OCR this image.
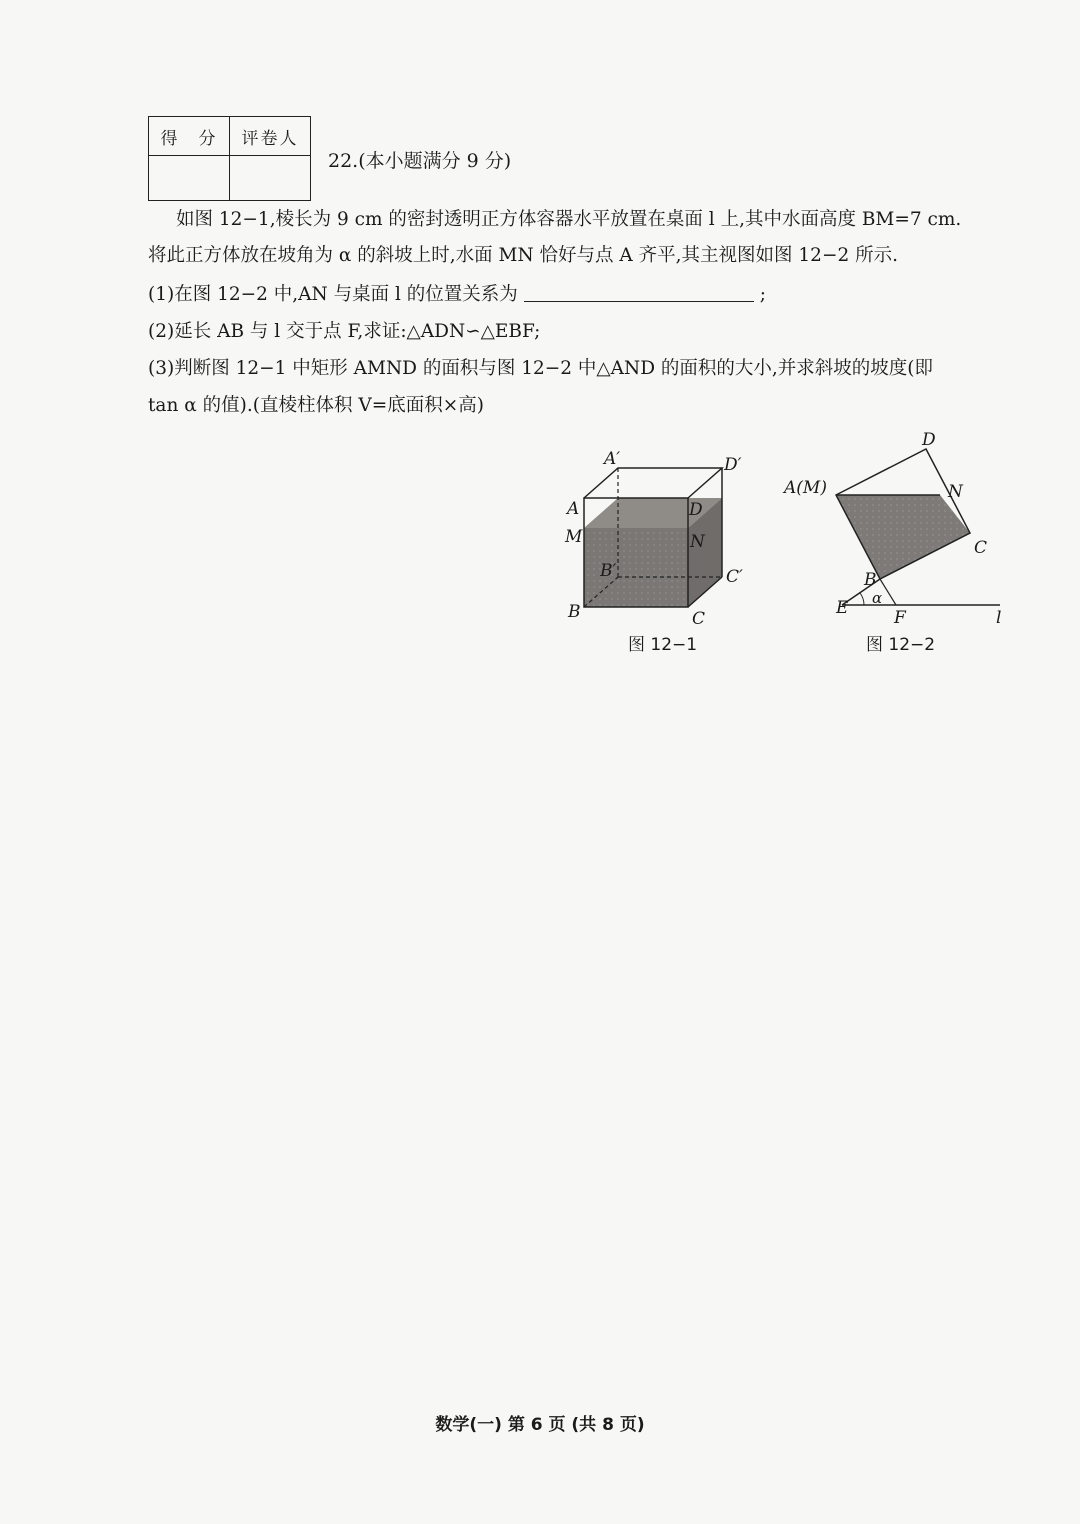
得　分	评卷人

22.(本小题满分 9 分)
如图 12−1,棱长为 9 cm 的密封透明正方体容器水平放置在桌面 l 上,其中水面高度 BM=7 cm.
将此正方体放在坡角为 α 的斜坡上时,水面 MN 恰好与点 A 齐平,其主视图如图 12−2 所示.
(1)在图 12−2 中,AN 与桌面 l 的位置关系为	;
(2)延长 AB 与 l 交于点 F,求证:△ADN∽△EBF;
(3)判断图 12−1 中矩形 AMND 的面积与图 12−2 中△AND 的面积的大小,并求斜坡的坡度(即
tan α 的值).(直棱柱体积 V=底面积×高)
A′	D′
A	D
M	N
B′	C′
B	C
图 12−1
D
A(M)	N
C
B
E α
F	l
图 12−2
数学(一) 第 6 页 (共 8 页)
